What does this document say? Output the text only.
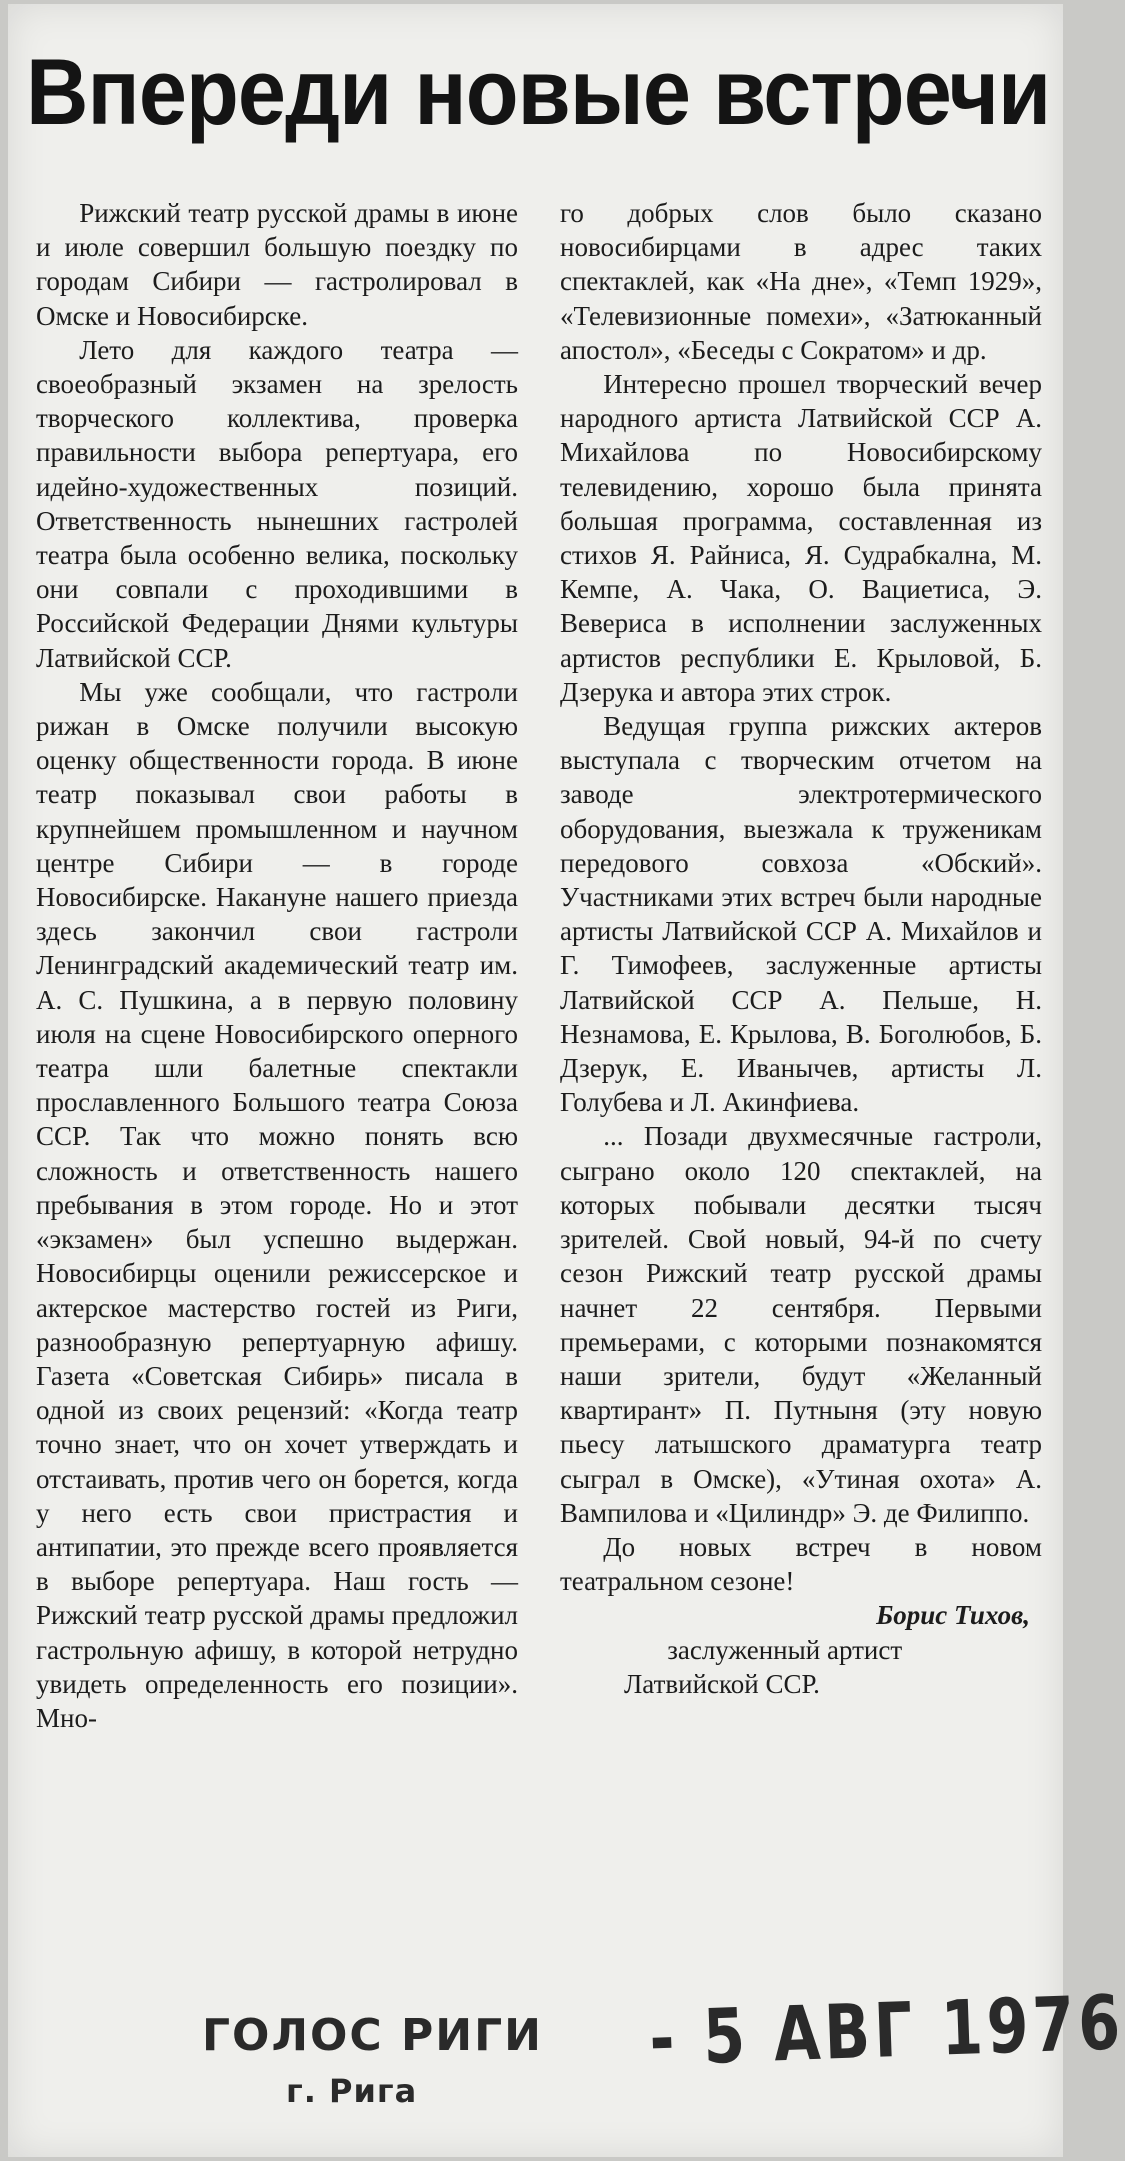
Впереди новые встречи

Рижский театр русской драмы в июне и июле совершил большую поездку по городам Сибири — гастролировал в Омске и Новосибирске.

Лето для каждого театра — своеобразный экзамен на зрелость творческого коллектива, проверка правильности выбора репертуара, его идейно-художественных позиций. Ответственность нынешних гастролей театра была особенно велика, поскольку они совпали с проходившими в Российской Федерации Днями культуры Латвийской ССР.

Мы уже сообщали, что гастроли рижан в Омске получили высокую оценку общественности города. В июне театр показывал свои работы в крупнейшем промышленном и научном центре Сибири — в городе Новосибирске. Накануне нашего приезда здесь закончил свои гастроли Ленинградский академический театр им. А. С. Пушкина, а в первую половину июля на сцене Новосибирского оперного театра шли балетные спектакли прославленного Большого театра Союза ССР. Так что можно понять всю сложность и ответственность нашего пребывания в этом городе. Но и этот «экзамен» был успешно выдержан. Новосибирцы оценили режиссерское и актерское мастерство гостей из Риги, разнообразную репертуарную афишу. Газета «Советская Сибирь» писала в одной из своих рецензий: «Когда театр точно знает, что он хочет утверждать и отстаивать, против чего он борется, когда у него есть свои пристрастия и антипатии, это прежде всего проявляется в выборе репертуара. Наш гость — Рижский театр русской драмы предложил гастрольную афишу, в которой нетрудно увидеть определенность его позиции». Мно-

го добрых слов было сказано новосибирцами в адрес таких спектаклей, как «На дне», «Темп 1929», «Телевизионные помехи», «Затюканный апостол», «Беседы с Сократом» и др.

Интересно прошел творческий вечер народного артиста Латвийской ССР А. Михайлова по Новосибирскому телевидению, хорошо была принята большая программа, составленная из стихов Я. Райниса, Я. Судрабкална, М. Кемпе, А. Чака, О. Вациетиса, Э. Вевериса в исполнении заслуженных артистов республики Е. Крыловой, Б. Дзерука и автора этих строк.

Ведущая группа рижских актеров выступала с творческим отчетом на заводе электротермического оборудования, выезжала к труженикам передового совхоза «Обский». Участниками этих встреч были народные артисты Латвийской ССР А. Михайлов и Г. Тимофеев, заслуженные артисты Латвийской ССР А. Пельше, Н. Незнамова, Е. Крылова, В. Боголюбов, Б. Дзерук, Е. Иванычев, артисты Л. Голубева и Л. Акинфиева.

... Позади двухмесячные гастроли, сыграно около 120 спектаклей, на которых побывали десятки тысяч зрителей. Свой новый, 94-й по счету сезон Рижский театр русской драмы начнет 22 сентября. Первыми премьерами, с которыми познакомятся наши зрители, будут «Желанный квартирант» П. Путныня (эту новую пьесу латышского драматурга театр сыграл в Омске), «Утиная охота» А. Вампилова и «Цилиндр» Э. де Филиппо.

До новых встреч в новом театральном сезоне!

Борис Тихов,

заслуженный артист Латвийской ССР.

ГОЛОС РИГИ
г. Рига
- 5 АВГ 1976
